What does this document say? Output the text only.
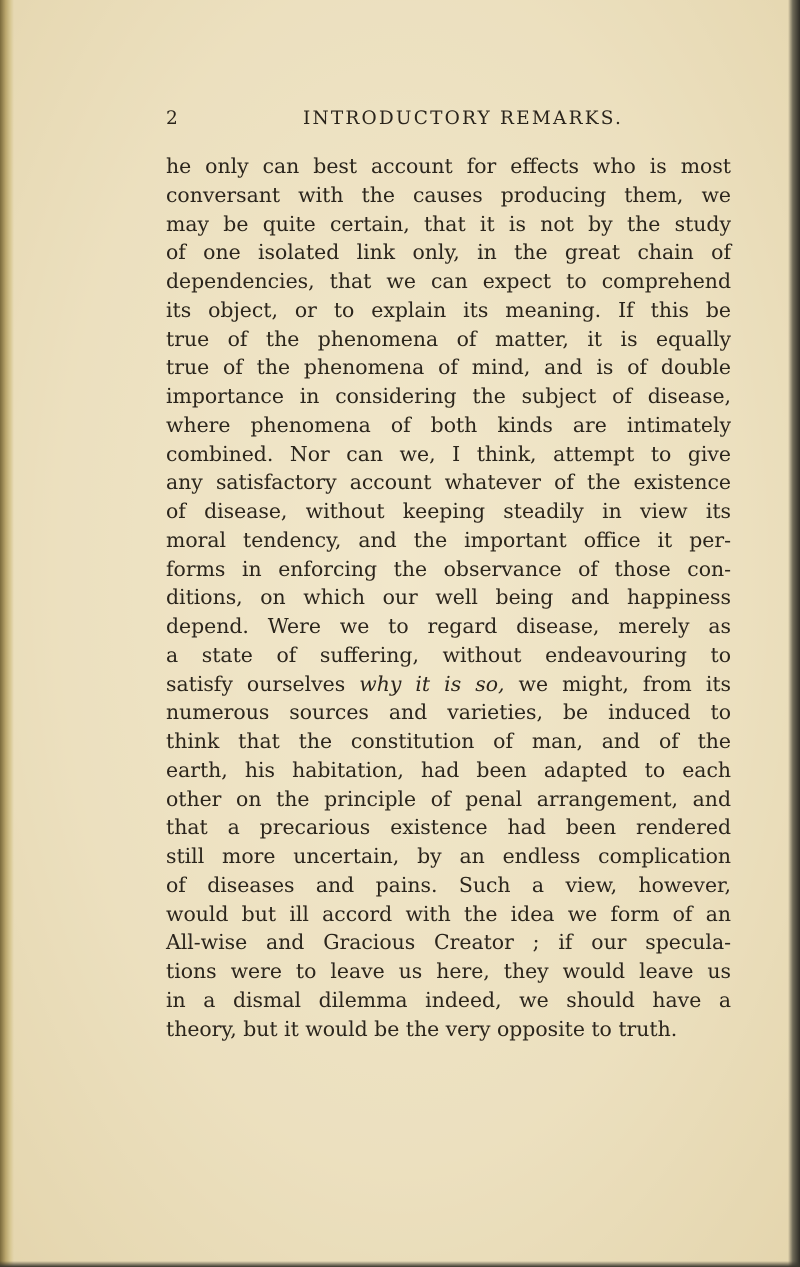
2	INTRODUCTORY REMARKS.
he only can best account for effects who is most
conversant with the causes producing them, we
may be quite certain, that it is not by the study
of one isolated link only, in the great chain of
dependencies, that we can expect to comprehend
its object, or to explain its meaning. If this be
true of the phenomena of matter, it is equally
true of the phenomena of mind, and is of double
importance in considering the subject of disease,
where phenomena of both kinds are intimately
combined. Nor can we, I think, attempt to give
any satisfactory account whatever of the existence
of disease, without keeping steadily in view its
moral tendency, and the important office it per-
forms in enforcing the observance of those con-
ditions, on which our well being and happiness
depend. Were we to regard disease, merely as
a state of suffering, without endeavouring to
satisfy ourselves why it is so, we might, from its
numerous sources and varieties, be induced to
think that the constitution of man, and of the
earth, his habitation, had been adapted to each
other on the principle of penal arrangement, and
that a precarious existence had been rendered
still more uncertain, by an endless complication
of diseases and pains. Such a view, however,
would but ill accord with the idea we form of an
All-wise and Gracious Creator ; if our specula-
tions were to leave us here, they would leave us
in a dismal dilemma indeed, we should have a
theory, but it would be the very opposite to truth.
